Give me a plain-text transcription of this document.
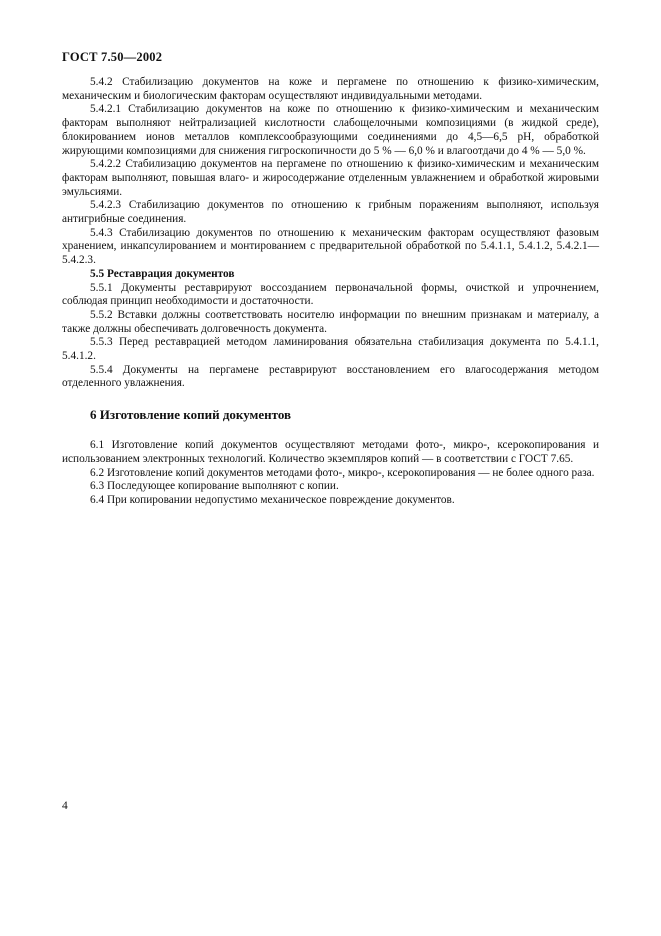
ГОСТ 7.50—2002

5.4.2 Стабилизацию документов на коже и пергамене по отношению к физико-химическим, механическим и биологическим факторам осуществляют индивидуальными методами.

5.4.2.1 Стабилизацию документов на коже по отношению к физико-химическим и механическим факторам выполняют нейтрализацией кислотности слабощелочными композициями (в жидкой среде), блокированием ионов металлов комплексообразующими соединениями до 4,5—6,5 рН, обработкой жирующими композициями для снижения гигроскопичности до 5 % — 6,0 % и влагоотдачи до 4 % — 5,0 %.

5.4.2.2 Стабилизацию документов на пергамене по отношению к физико-химическим и механическим факторам выполняют, повышая влаго- и жиросодержание отделенным увлажнением и обработкой жировыми эмульсиями.

5.4.2.3 Стабилизацию документов по отношению к грибным поражениям выполняют, используя антигрибные соединения.

5.4.3 Стабилизацию документов по отношению к механическим факторам осуществляют фазовым хранением, инкапсулированием и монтированием с предварительной обработкой по 5.4.1.1, 5.4.1.2, 5.4.2.1—5.4.2.3.

5.5 Реставрация документов

5.5.1 Документы реставрируют воссозданием первоначальной формы, очисткой и упрочнением, соблюдая принцип необходимости и достаточности.

5.5.2 Вставки должны соответствовать носителю информации по внешним признакам и материалу, а также должны обеспечивать долговечность документа.

5.5.3 Перед реставрацией методом ламинирования обязательна стабилизация документа по 5.4.1.1, 5.4.1.2.

5.5.4 Документы на пергамене реставрируют восстановлением его влагосодержания методом отделенного увлажнения.

6 Изготовление копий документов

6.1 Изготовление копий документов осуществляют методами фото-, микро-, ксерокопирования и использованием электронных технологий. Количество экземпляров копий — в соответствии с ГОСТ 7.65.

6.2 Изготовление копий документов методами фото-, микро-, ксерокопирования — не более одного раза.

6.3 Последующее копирование выполняют с копии.

6.4 При копировании недопустимо механическое повреждение документов.

4
